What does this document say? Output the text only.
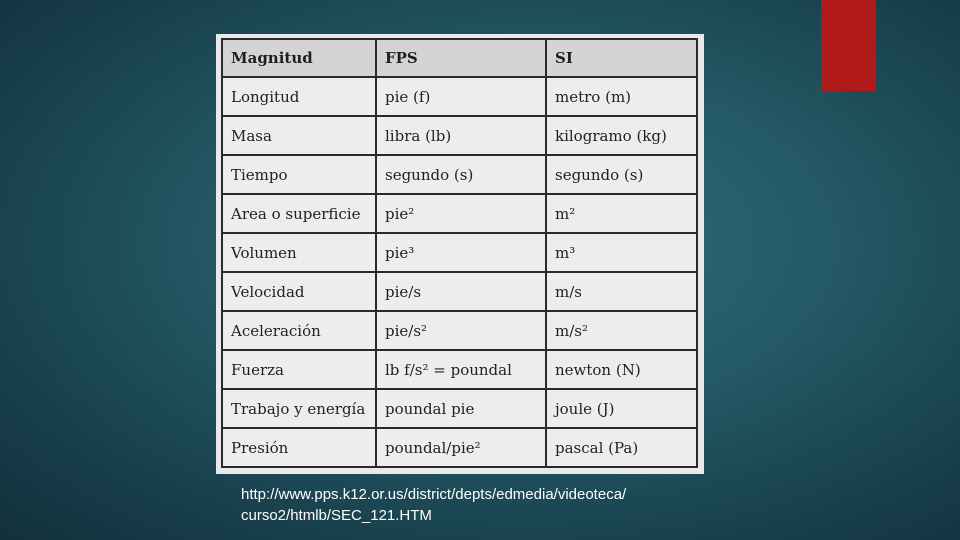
Magnitud	FPS	SI
Longitud	pie (f)	metro (m)
Masa	libra (lb)	kilogramo (kg)
Tiempo	segundo (s)	segundo (s)
Area o superficie	pie²	m²
Volumen	pie³	m³
Velocidad	pie/s	m/s
Aceleración	pie/s²	m/s²
Fuerza	lb f/s² = poundal	newton (N)
Trabajo y energía	poundal pie	joule (J)
Presión	poundal/pie²	pascal (Pa)
http://www.pps.k12.or.us/district/depts/edmedia/videoteca/
curso2/htmlb/SEC_121.HTM
